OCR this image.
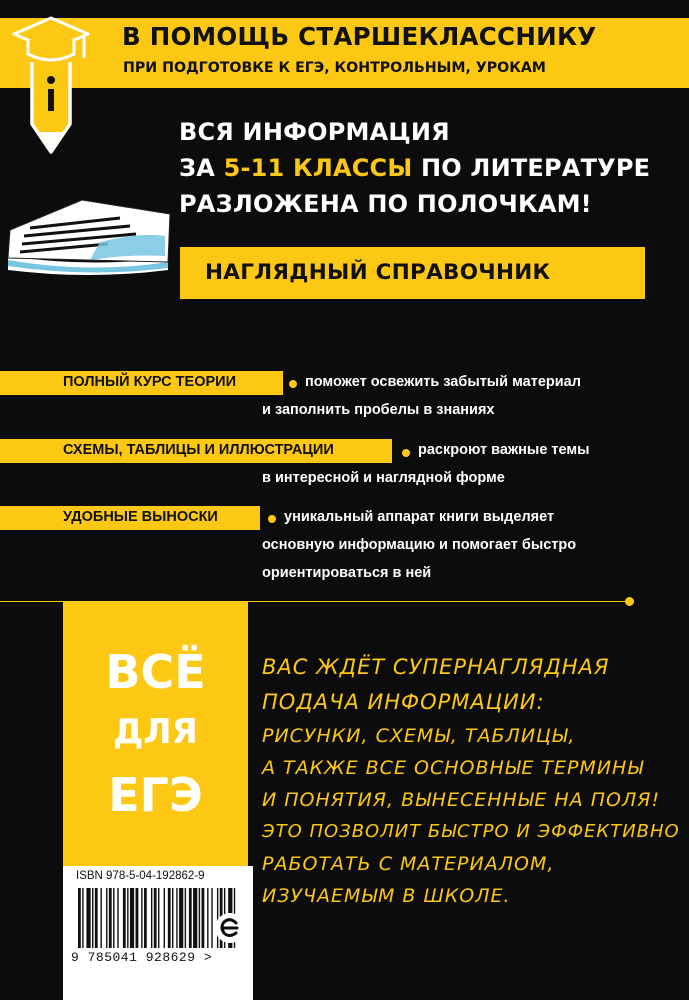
В ПОМОЩЬ СТАРШЕКЛАССНИКУ
ПРИ ПОДГОТОВКЕ К ЕГЭ, КОНТРОЛЬНЫМ, УРОКАМ
ВСЯ ИНФОРМАЦИЯ
ЗА 5-11 КЛАССЫ ПО ЛИТЕРАТУРЕ
РАЗЛОЖЕНА ПО ПОЛОЧКАМ!
НАГЛЯДНЫЙ СПРАВОЧНИК
ПОЛНЫЙ КУРС ТЕОРИИ	поможет освежить забытый материал
и заполнить пробелы в знаниях
СХЕМЫ, ТАБЛИЦЫ И ИЛЛЮСТРАЦИИ	раскроют важные темы
в интересной и наглядной форме
УДОБНЫЕ ВЫНОСКИ	уникальный аппарат книги выделяет
основную информацию и помогает быстро
ориентироваться в ней
ВСЁ
ДЛЯ
ЕГЭ
ISBN 978-5-04-192862-9
9 785041 928629 >
ВАС ЖДЁТ СУПЕРНАГЛЯДНАЯ
ПОДАЧА ИНФОРМАЦИИ:
РИСУНКИ, СХЕМЫ, ТАБЛИЦЫ,
А ТАКЖЕ ВСЕ ОСНОВНЫЕ ТЕРМИНЫ
И ПОНЯТИЯ, ВЫНЕСЕННЫЕ НА ПОЛЯ!
ЭТО ПОЗВОЛИТ БЫСТРО И ЭФФЕКТИВНО
РАБОТАТЬ С МАТЕРИАЛОМ,
ИЗУЧАЕМЫМ В ШКОЛЕ.
